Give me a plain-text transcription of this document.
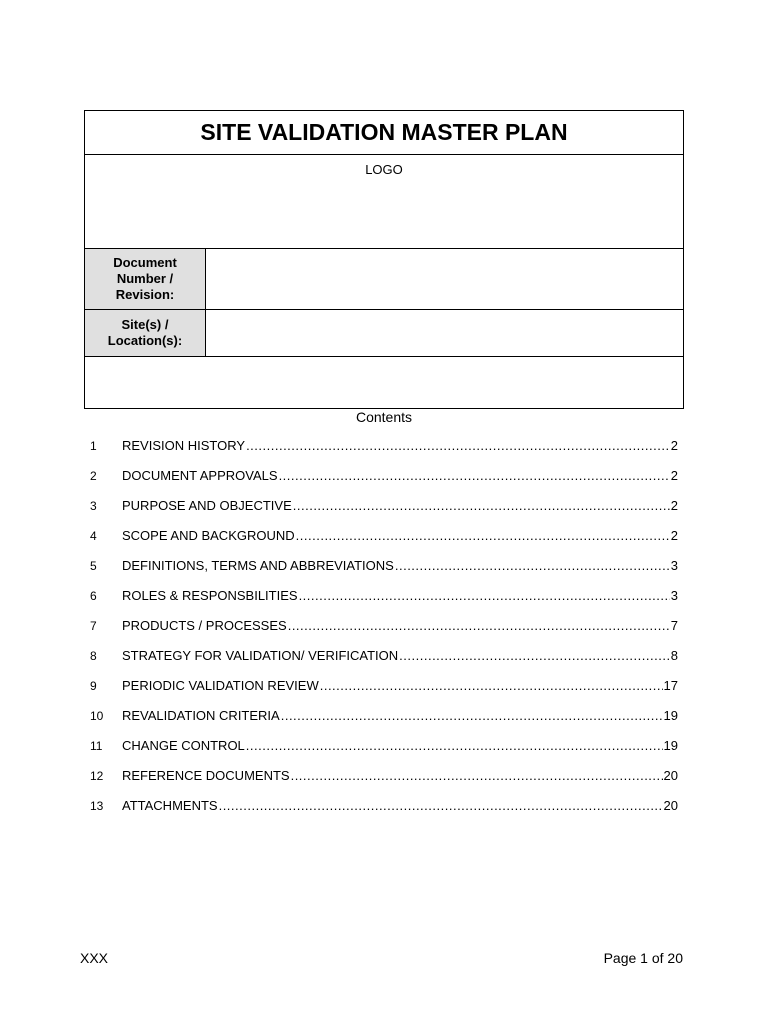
SITE VALIDATION MASTER PLAN
LOGO
Document
Number /
Revision:
Site(s) /
Location(s):
Contents
1	REVISION HISTORY .....	2
2	DOCUMENT APPROVALS .....	2
3	PURPOSE AND OBJECTIVE .....	2
4	SCOPE AND BACKGROUND .....	2
5	DEFINITIONS, TERMS AND ABBREVIATIONS .....	3
6	ROLES & RESPONSBILITIES .....	3
7	PRODUCTS / PROCESSES .....	7
8	STRATEGY FOR VALIDATION/ VERIFICATION .....	8
9	PERIODIC VALIDATION REVIEW .....	17
10	REVALIDATION CRITERIA .....	19
11	CHANGE CONTROL .....	19
12	REFERENCE DOCUMENTS .....	20
13	ATTACHMENTS .....	20
XXX	Page 1 of 20
